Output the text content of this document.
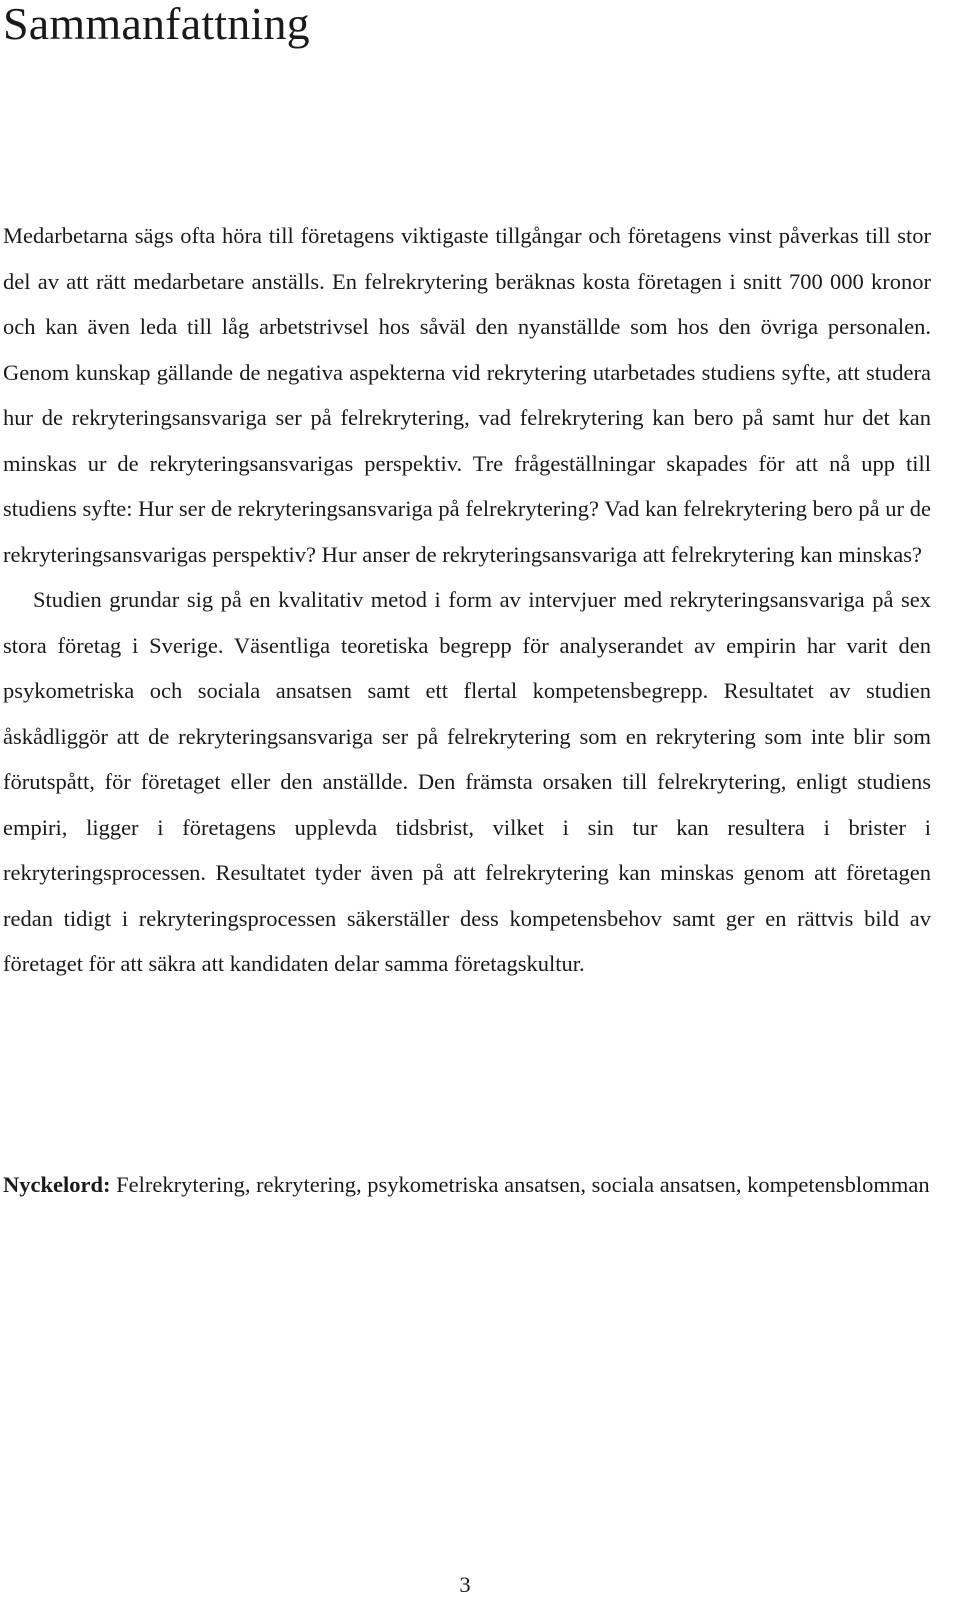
Sammanfattning

Medarbetarna sägs ofta höra till företagens viktigaste tillgångar och företagens vinst påverkas till stor del av att rätt medarbetare anställs. En felrekrytering beräknas kosta företagen i snitt 700 000 kronor och kan även leda till låg arbetstrivsel hos såväl den nyanställde som hos den övriga personalen. Genom kunskap gällande de negativa aspekterna vid rekrytering utarbetades studiens syfte, att studera hur de rekryteringsansvariga ser på felrekrytering, vad felrekrytering kan bero på samt hur det kan minskas ur de rekryteringsansvarigas perspektiv. Tre frågeställningar skapades för att nå upp till studiens syfte: Hur ser de rekryteringsansvariga på felrekrytering? Vad kan felrekrytering bero på ur de rekryteringsansvarigas perspektiv? Hur anser de rekryteringsansvariga att felrekrytering kan minskas?

Studien grundar sig på en kvalitativ metod i form av intervjuer med rekryteringsansvariga på sex stora företag i Sverige. Väsentliga teoretiska begrepp för analyserandet av empirin har varit den psykometriska och sociala ansatsen samt ett flertal kompetensbegrepp. Resultatet av studien åskådliggör att de rekryteringsansvariga ser på felrekrytering som en rekrytering som inte blir som förutspått, för företaget eller den anställde. Den främsta orsaken till felrekrytering, enligt studiens empiri, ligger i företagens upplevda tidsbrist, vilket i sin tur kan resultera i brister i rekryteringsprocessen. Resultatet tyder även på att felrekrytering kan minskas genom att företagen redan tidigt i rekryteringsprocessen säkerställer dess kompetensbehov samt ger en rättvis bild av företaget för att säkra att kandidaten delar samma företagskultur.

Nyckelord: Felrekrytering, rekrytering, psykometriska ansatsen, sociala ansatsen, kompetensblomman

3
